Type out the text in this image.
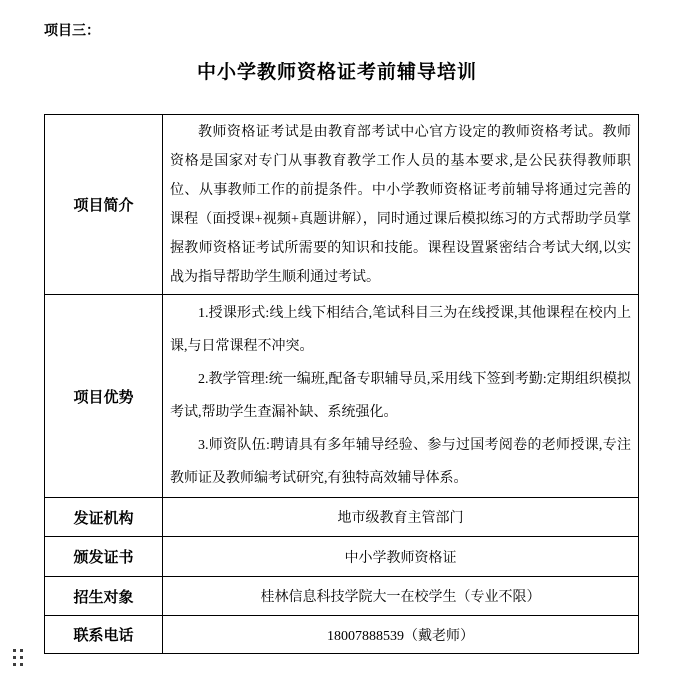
项目三：
中小学教师资格证考前辅导培训
项目简介	教师资格证考试是由教育部考试中心官方设定的教师资格考试。教师资格是国家对专门从事教育教学工作人员的基本要求,是公民获得教师职位、从事教师工作的前提条件。中小学教师资格证考前辅导将通过完善的课程（面授课+视频+真题讲解），同时通过课后模拟练习的方式帮助学员掌握教师资格证考试所需要的知识和技能。课程设置紧密结合考试大纲,以实战为指导帮助学生顺利通过考试。

项目优势	1.授课形式:线上线下相结合,笔试科目三为在线授课,其他课程在校内上课,与日常课程不冲突。

2.教学管理:统一编班,配备专职辅导员,采用线下签到考勤:定期组织模拟考试,帮助学生查漏补缺、系统强化。

3.师资队伍:聘请具有多年辅导经验、参与过国考阅卷的老师授课,专注教师证及教师编考试研究,有独特高效辅导体系。

发证机构	地市级教育主管部门
颁发证书	中小学教师资格证
招生对象	桂林信息科技学院大一在校学生（专业不限）
联系电话	18007888539（戴老师）
